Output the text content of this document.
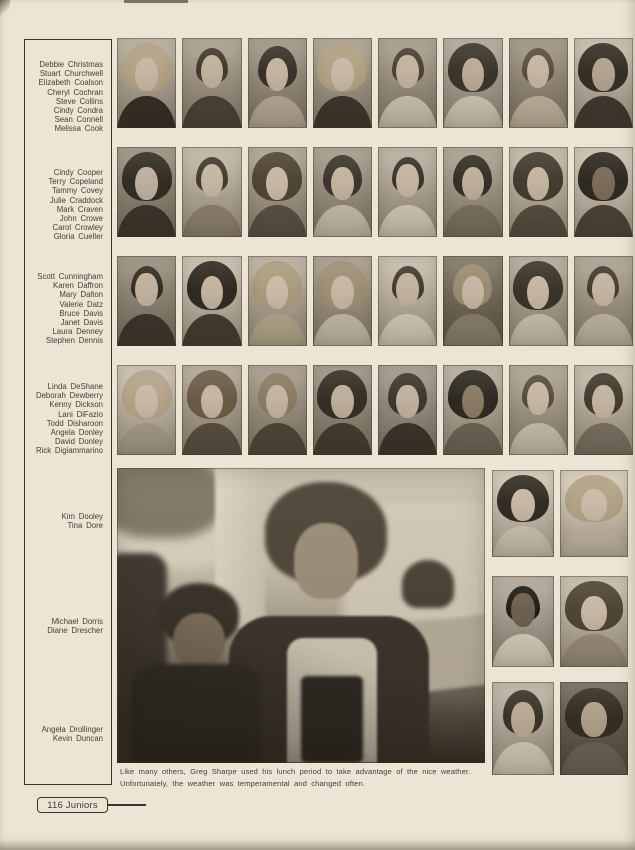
Debbie Christmas
Stuart Churchwell
Elizabeth Coalson
Cheryl Cochran
Steve Collins
Cindy Condra
Sean Connell
Melissa Cook
Cindy Cooper
Terry Copeland
Tammy Covey
Julie Craddock
Mark Craven
John Crowe
Carol Crowley
Gloria Cueller
Scott Cunningham
Karen Daffron
Mary Dalton
Valerie Datz
Bruce Davis
Janet Davis
Laura Denney
Stephen Dennis
Linda DeShane
Deborah Dewberry
Kenny Dickson
Lani DiFazio
Todd Disharoon
Angela Donley
David Donley
Rick Digiammarino
Kim Dooley
Tina Dore
Michael Dorris
Diane Drescher
Angela Drollinger
Kevin Duncan
Like many others, Greg Sharpe used his lunch period to take advantage of the nice weather.
Unfortunately, the weather was temperamental and changed often.
116 Juniors
